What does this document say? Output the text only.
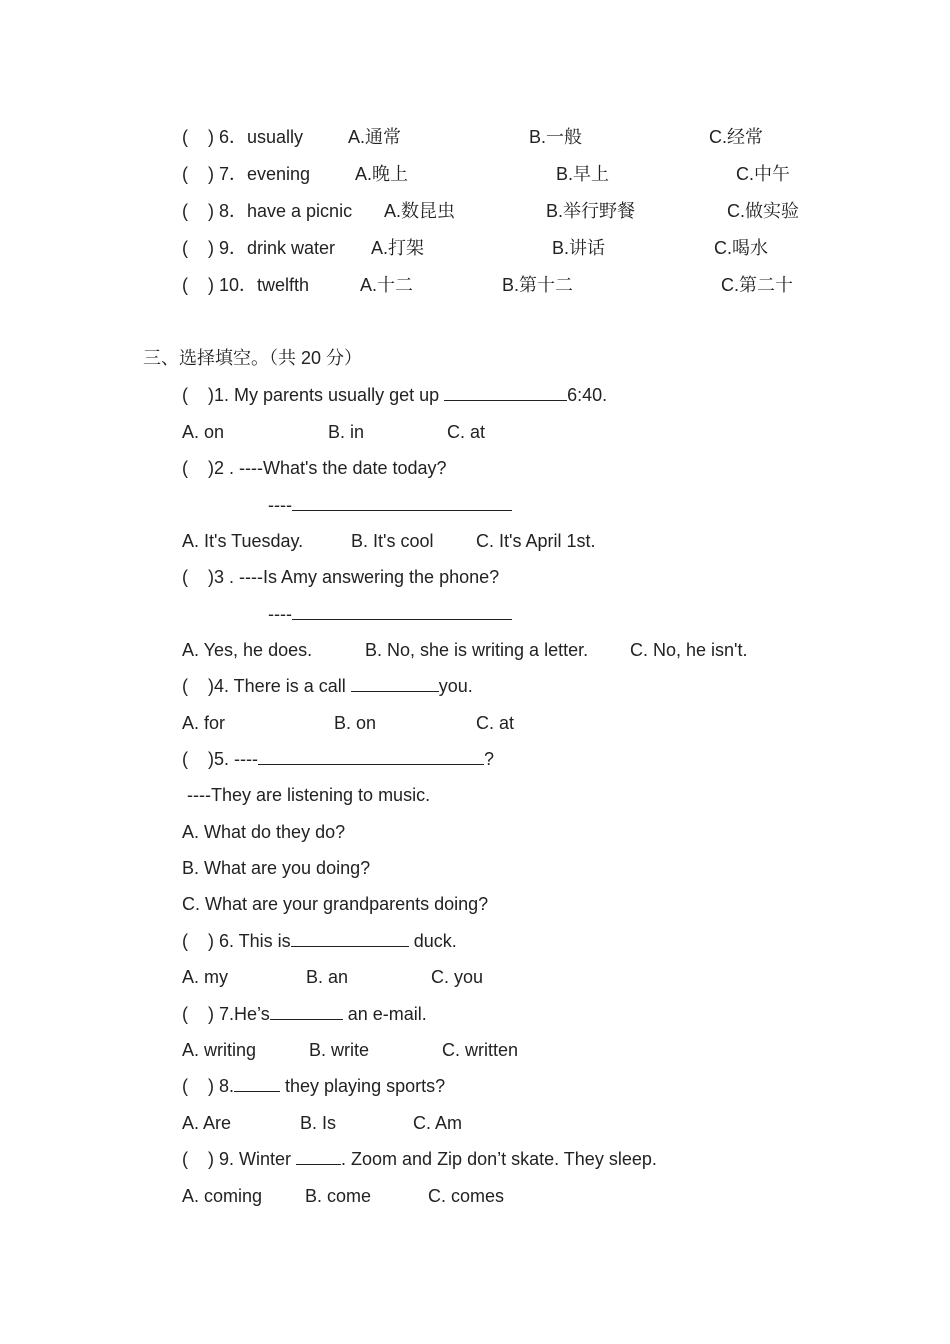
(    ) 6．usually A.通常	B.一般	C.经常
(    ) 7．evening A.晚上	B.早上	C.中午
(    ) 8．have a picnic A.数昆虫	B.举行野餐	C.做实验
(    ) 9．drink water A.打架	B.讲话	C.喝水
(    ) 10．twelfth	A.十二	B.第十二	C.第二十
三、选择填空。（共 20 分）
(    )1. My parents usually get up	6:40.
A. on	B. in	C. at
(    )2 . ----What's the date today?
----
A. It's Tuesday.	B. It's cool C. It's April 1st.
(    )3 . ----Is Amy answering the phone?
----
A. Yes, he does.	B. No, she is writing a letter. C. No, he isn't.
(    )4. There is a call	you.
A. for	B. on	C. at
(    )5. ----	?
----They are listening to music.
A. What do they do?
B. What are you doing?
C. What are your grandparents doing?
(    ) 6. This is	duck.
A. my	B. an	C. you
(    ) 7.He’s	an e-mail.
A. writing	B. write	C. written
(    ) 8.	they playing sports?
A. Are	B. Is	C. Am
(    ) 9. Winter	. Zoom and Zip don’t skate. They sleep.
A. coming B. come	C. comes
